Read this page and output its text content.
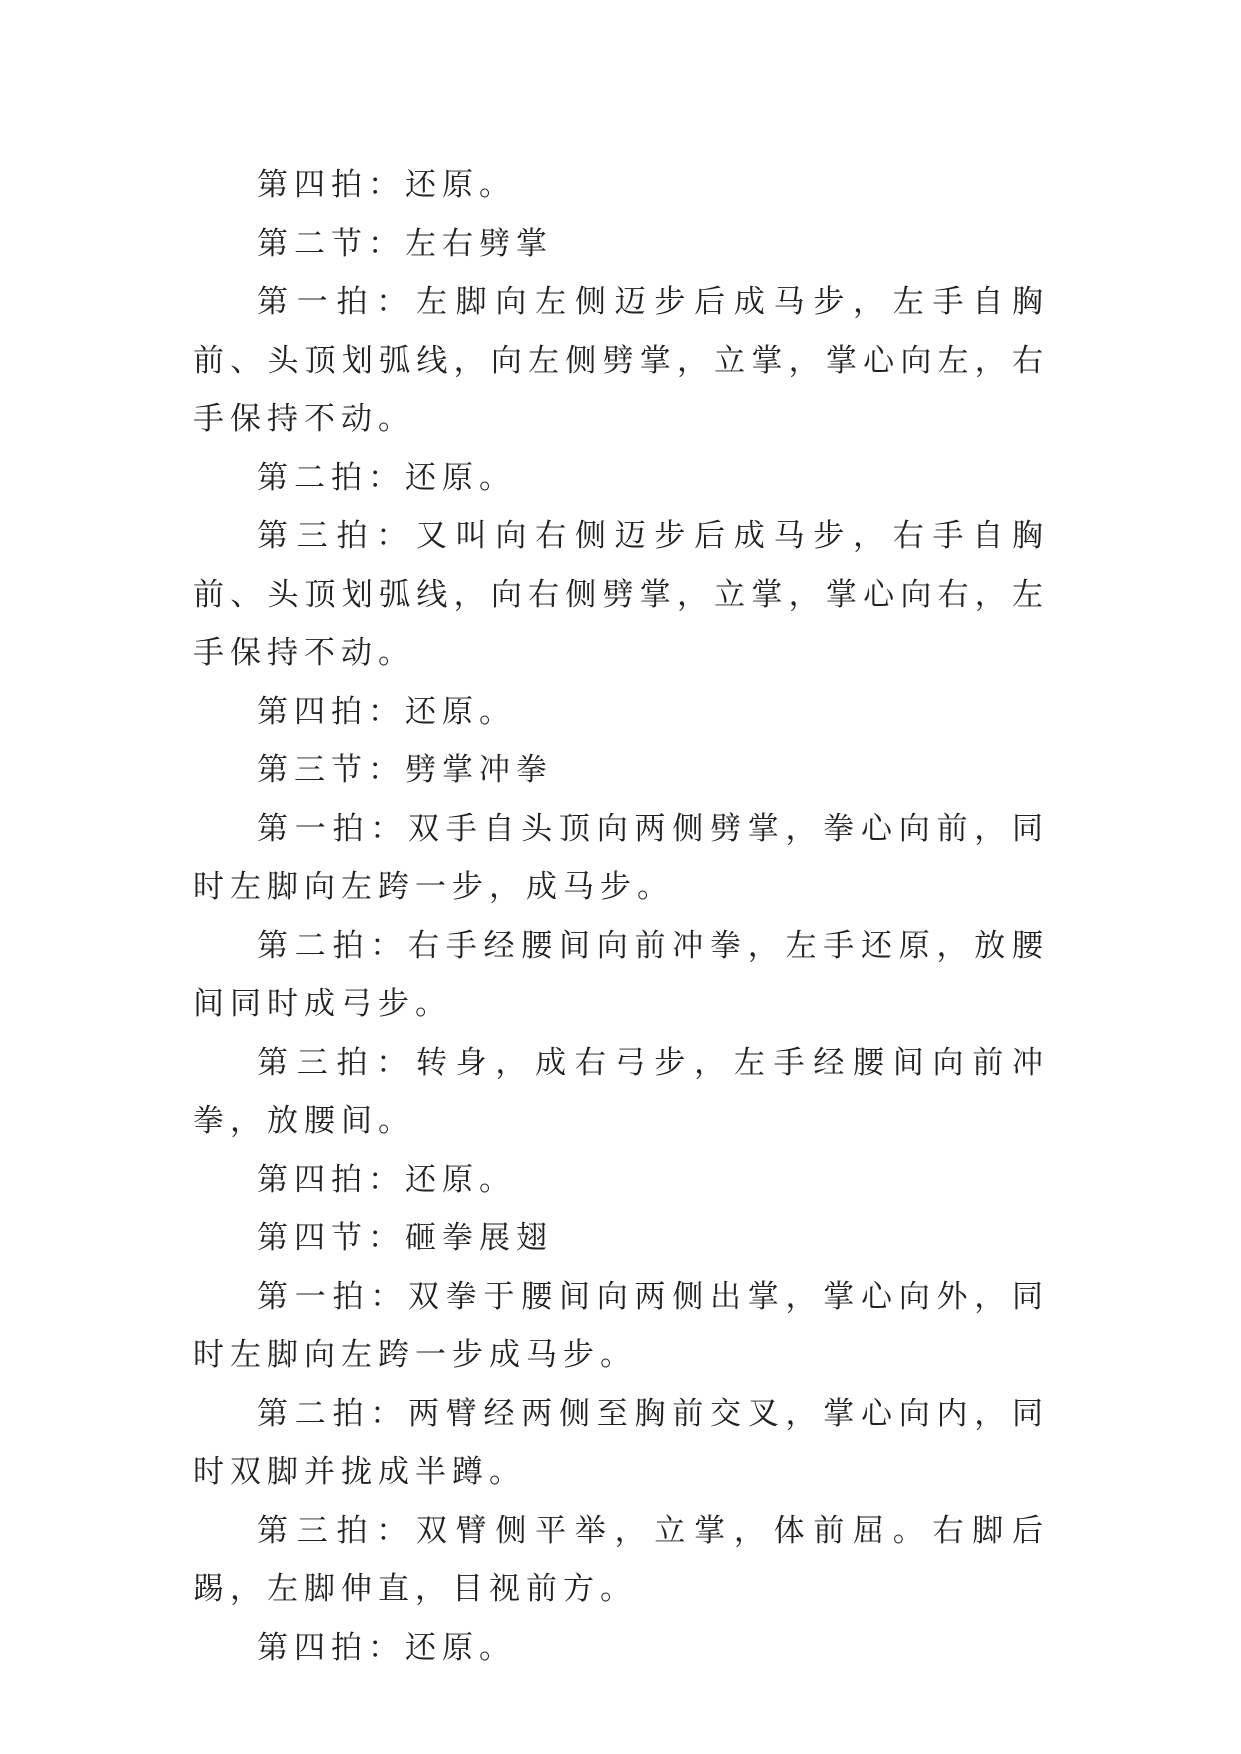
第四拍：还原。

第二节：左右劈掌

第一拍：左脚向左侧迈步后成马步，左手自胸前、头顶划弧线，向左侧劈掌，立掌，掌心向左，右手保持不动。

第二拍：还原。

第三拍：又叫向右侧迈步后成马步，右手自胸前、头顶划弧线，向右侧劈掌，立掌，掌心向右，左手保持不动。

第四拍：还原。

第三节：劈掌冲拳

第一拍：双手自头顶向两侧劈掌，拳心向前，同时左脚向左跨一步，成马步。

第二拍：右手经腰间向前冲拳，左手还原，放腰间同时成弓步。

第三拍：转身，成右弓步，左手经腰间向前冲拳，放腰间。

第四拍：还原。

第四节：砸拳展翅

第一拍：双拳于腰间向两侧出掌，掌心向外，同时左脚向左跨一步成马步。

第二拍：两臂经两侧至胸前交叉，掌心向内，同时双脚并拢成半蹲。

第三拍：双臂侧平举，立掌，体前屈。右脚后踢，左脚伸直，目视前方。

第四拍：还原。
